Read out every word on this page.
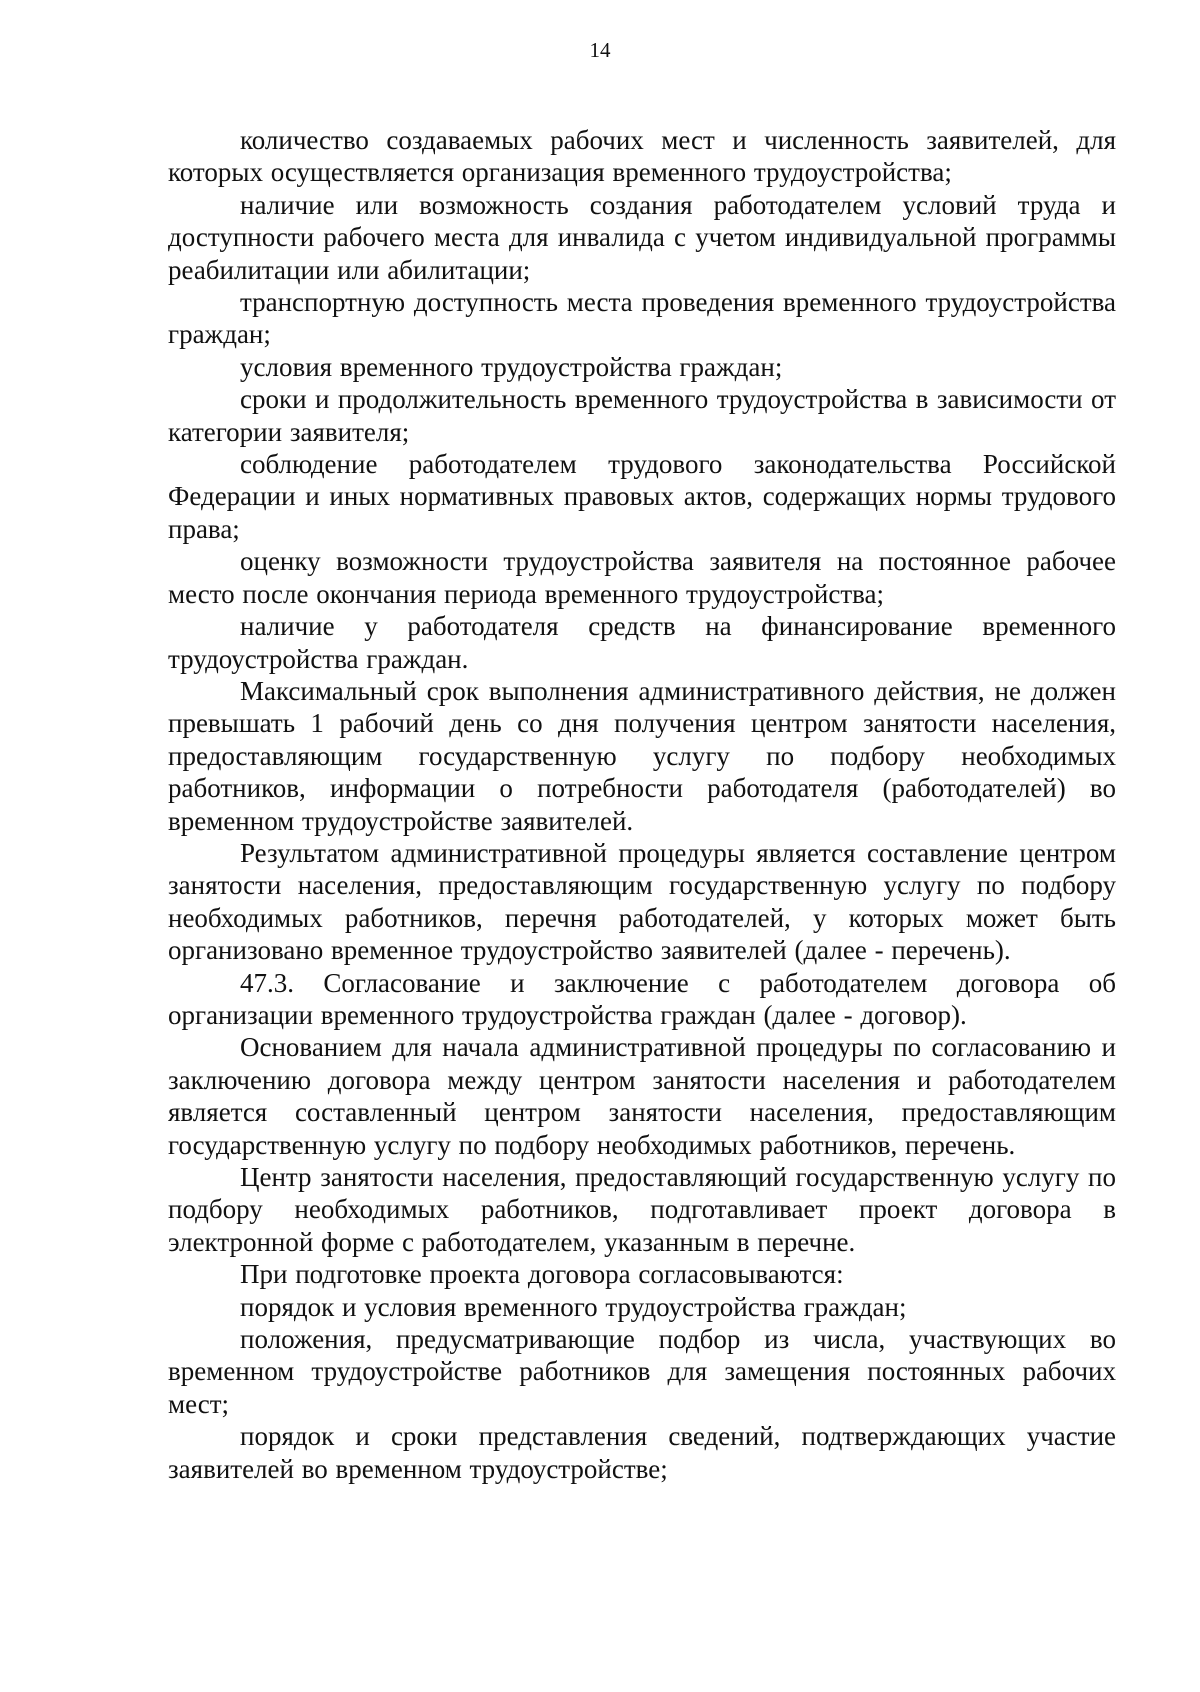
14

количество создаваемых рабочих мест и численность заявителей, для которых осуществляется организация временного трудоустройства;

наличие или возможность создания работодателем условий труда и доступности рабочего места для инвалида с учетом индивидуальной программы реабилитации или абилитации;

транспортную доступность места проведения временного трудоустройства граждан;

условия временного трудоустройства граждан;

сроки и продолжительность временного трудоустройства в зависимости от категории заявителя;

соблюдение работодателем трудового законодательства Российской Федерации и иных нормативных правовых актов, содержащих нормы трудового права;

оценку возможности трудоустройства заявителя на постоянное рабочее место после окончания периода временного трудоустройства;

наличие у работодателя средств на финансирование временного трудоустройства граждан.

Максимальный срок выполнения административного действия, не должен превышать 1 рабочий день со дня получения центром занятости населения, предоставляющим государственную услугу по подбору необходимых работников, информации о потребности работодателя (работодателей) во временном трудоустройстве заявителей.

Результатом административной процедуры является составление центром занятости населения, предоставляющим государственную услугу по подбору необходимых работников, перечня работодателей, у которых может быть организовано временное трудоустройство заявителей (далее - перечень).

47.3. Согласование и заключение с работодателем договора об организации временного трудоустройства граждан (далее - договор).

Основанием для начала административной процедуры по согласованию и заключению договора между центром занятости населения и работодателем является составленный центром занятости населения, предоставляющим государственную услугу по подбору необходимых работников, перечень.

Центр занятости населения, предоставляющий государственную услугу по подбору необходимых работников, подготавливает проект договора в электронной форме с работодателем, указанным в перечне.

При подготовке проекта договора согласовываются:

порядок и условия временного трудоустройства граждан;

положения, предусматривающие подбор из числа, участвующих во временном трудоустройстве работников для замещения постоянных рабочих мест;

порядок и сроки представления сведений, подтверждающих участие заявителей во временном трудоустройстве;
